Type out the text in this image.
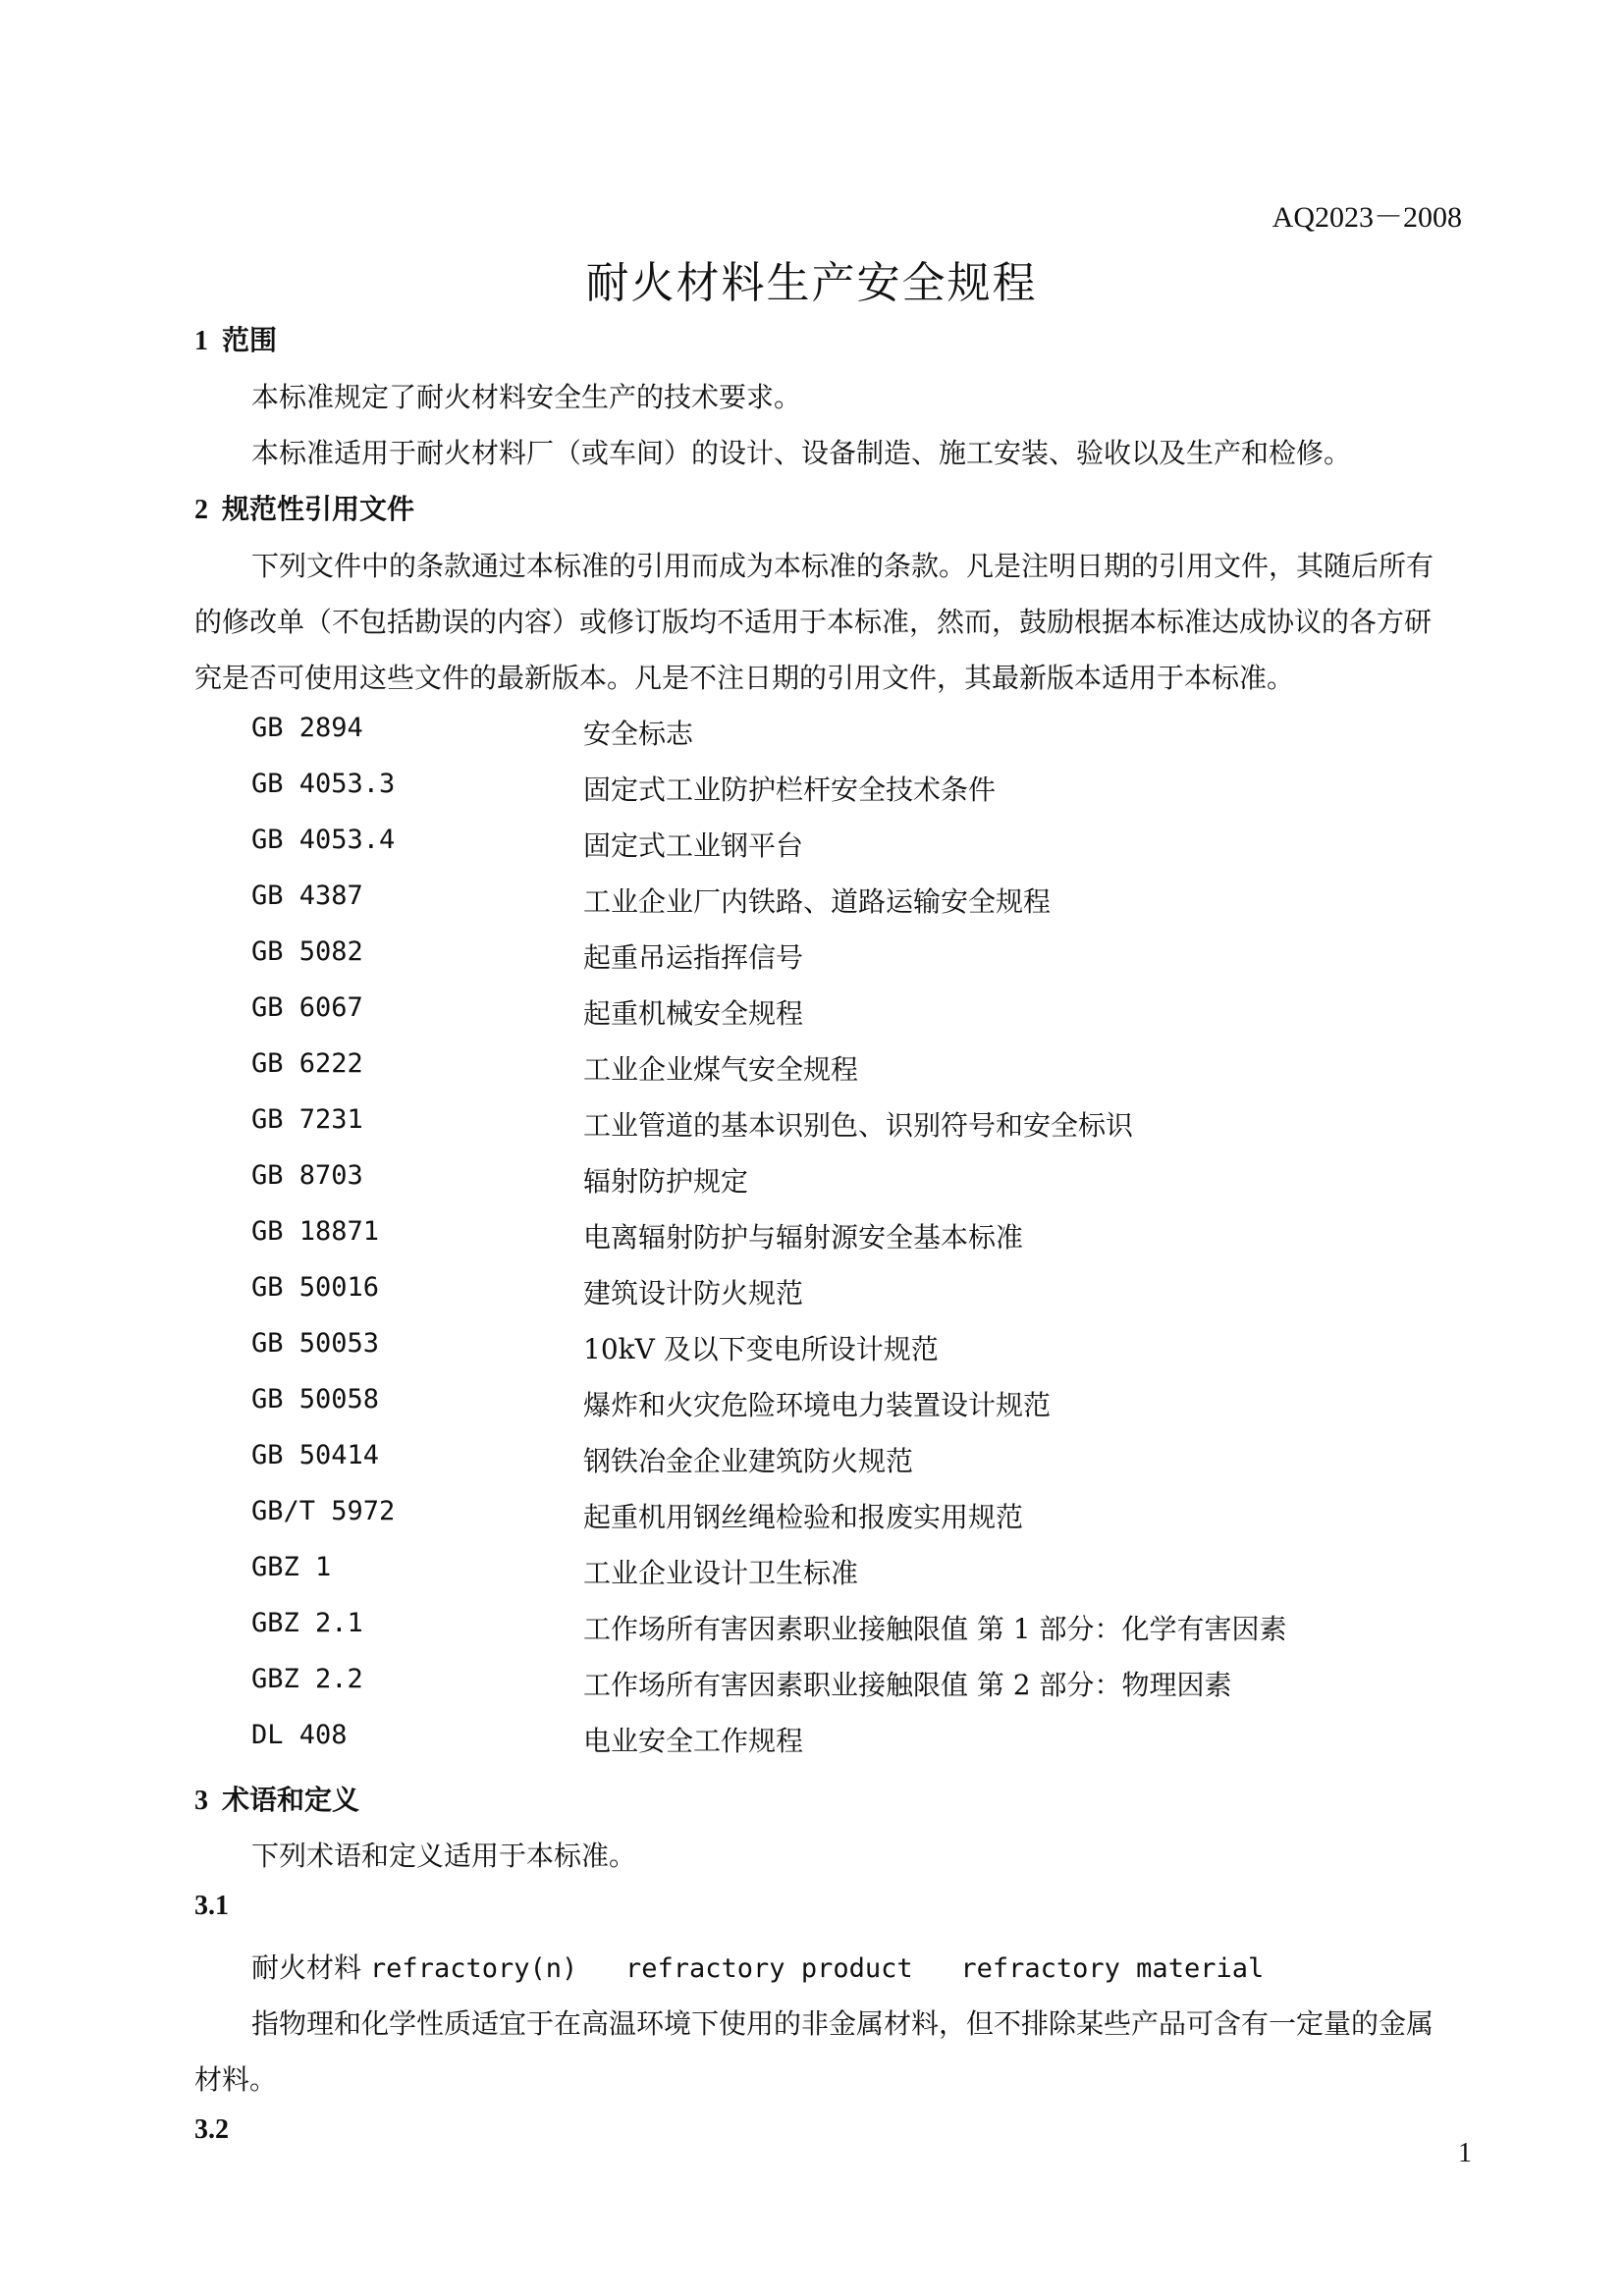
AQ2023－2008
耐火材料生产安全规程
1 范围
本标准规定了耐火材料安全生产的技术要求。
本标准适用于耐火材料厂（或车间）的设计、设备制造、施工安装、验收以及生产和检修。
2 规范性引用文件
下列文件中的条款通过本标准的引用而成为本标准的条款。凡是注明日期的引用文件，其随后所有
的修改单（不包括勘误的内容）或修订版均不适用于本标准，然而，鼓励根据本标准达成协议的各方研
究是否可使用这些文件的最新版本。凡是不注日期的引用文件，其最新版本适用于本标准。
GB 2894	安全标志
GB 4053.3	固定式工业防护栏杆安全技术条件
GB 4053.4	固定式工业钢平台
GB 4387	工业企业厂内铁路、道路运输安全规程
GB 5082	起重吊运指挥信号
GB 6067	起重机械安全规程
GB 6222	工业企业煤气安全规程
GB 7231	工业管道的基本识别色、识别符号和安全标识
GB 8703	辐射防护规定
GB 18871	电离辐射防护与辐射源安全基本标准
GB 50016	建筑设计防火规范
GB 50053	10kV 及以下变电所设计规范
GB 50058	爆炸和火灾危险环境电力装置设计规范
GB 50414	钢铁冶金企业建筑防火规范
GB/T 5972	起重机用钢丝绳检验和报废实用规范
GBZ 1	工业企业设计卫生标准
GBZ 2.1	工作场所有害因素职业接触限值 第 1 部分：化学有害因素
GBZ 2.2	工作场所有害因素职业接触限值 第 2 部分：物理因素
DL 408	电业安全工作规程
3 术语和定义
下列术语和定义适用于本标准。
3.1
耐火材料 refractory(n)   refractory product   refractory material
指物理和化学性质适宜于在高温环境下使用的非金属材料，但不排除某些产品可含有一定量的金属
材料。
3.2
1
